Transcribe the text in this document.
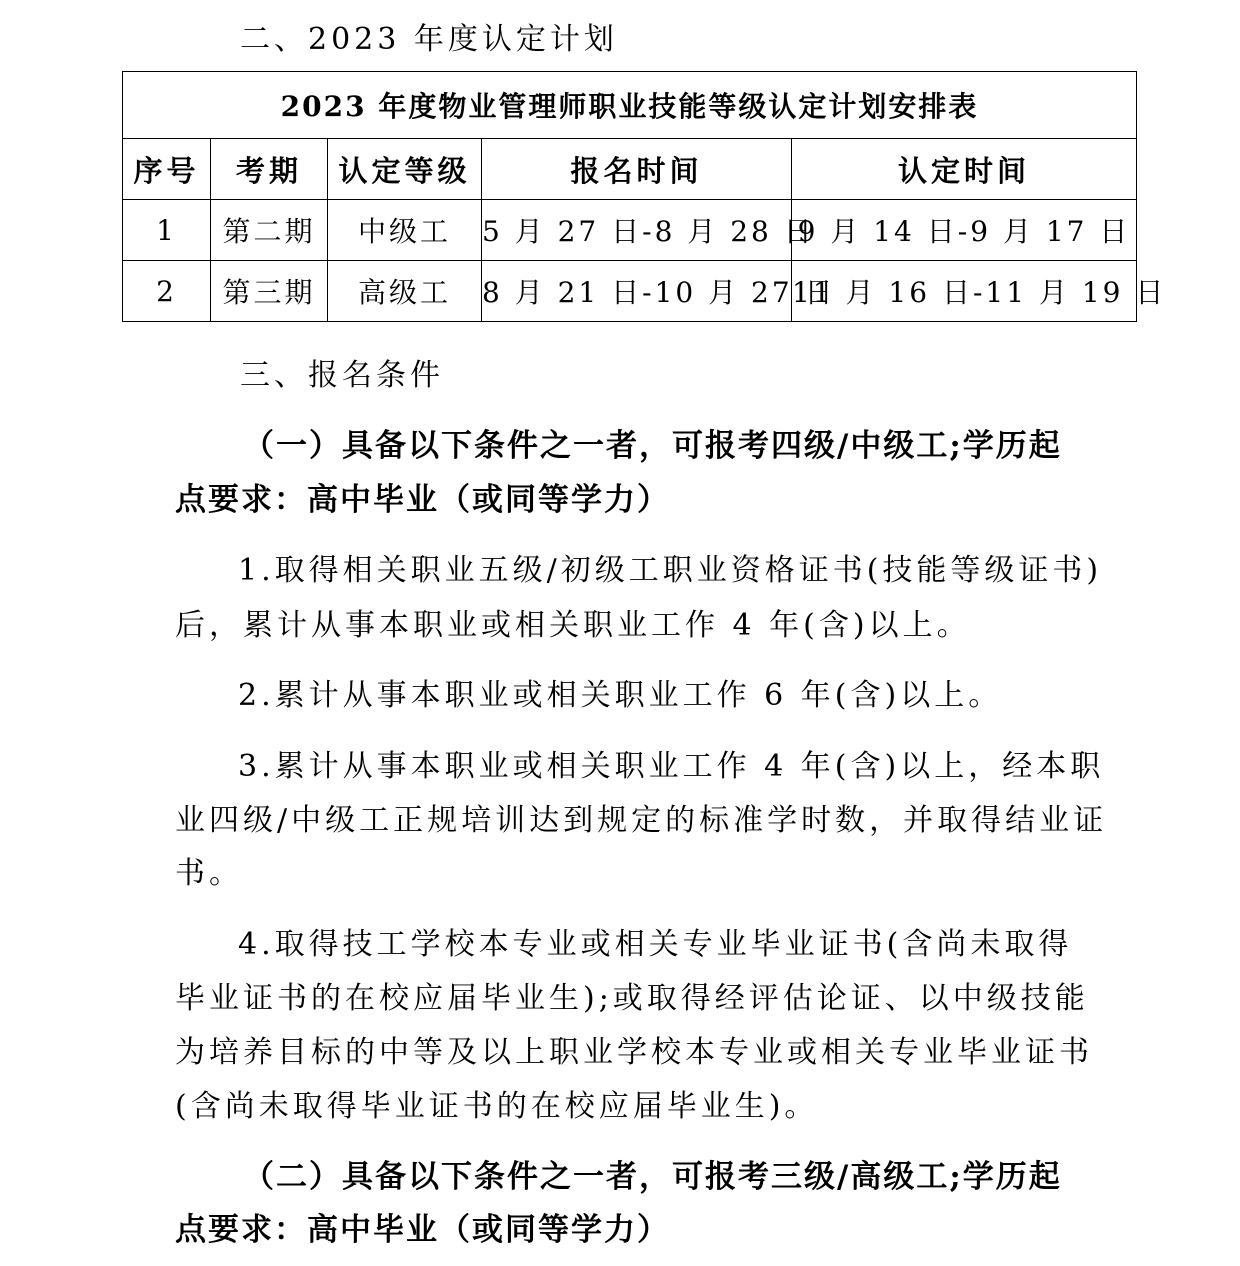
二、2023 年度认定计划
2023 年度物业管理师职业技能等级认定计划安排表				
序号	考期	认定等级	报名时间	认定时间
1	第二期	中级工	5 月 27 日-8 月 28 日	9 月 14 日-9 月 17 日
2	第三期	高级工	8 月 21 日-10 月 27 日	11 月 16 日-11 月 19 日
三、报名条件
（一）具备以下条件之一者，可报考四级/中级工;学历起
点要求：高中毕业（或同等学力）
1.取得相关职业五级/初级工职业资格证书(技能等级证书)
后，累计从事本职业或相关职业工作 4 年(含)以上。
2.累计从事本职业或相关职业工作 6 年(含)以上。
3.累计从事本职业或相关职业工作 4 年(含)以上，经本职
业四级/中级工正规培训达到规定的标准学时数，并取得结业证
书。
4.取得技工学校本专业或相关专业毕业证书(含尚未取得
毕业证书的在校应届毕业生);或取得经评估论证、以中级技能
为培养目标的中等及以上职业学校本专业或相关专业毕业证书
(含尚未取得毕业证书的在校应届毕业生)。
（二）具备以下条件之一者，可报考三级/高级工;学历起
点要求：高中毕业（或同等学力）
